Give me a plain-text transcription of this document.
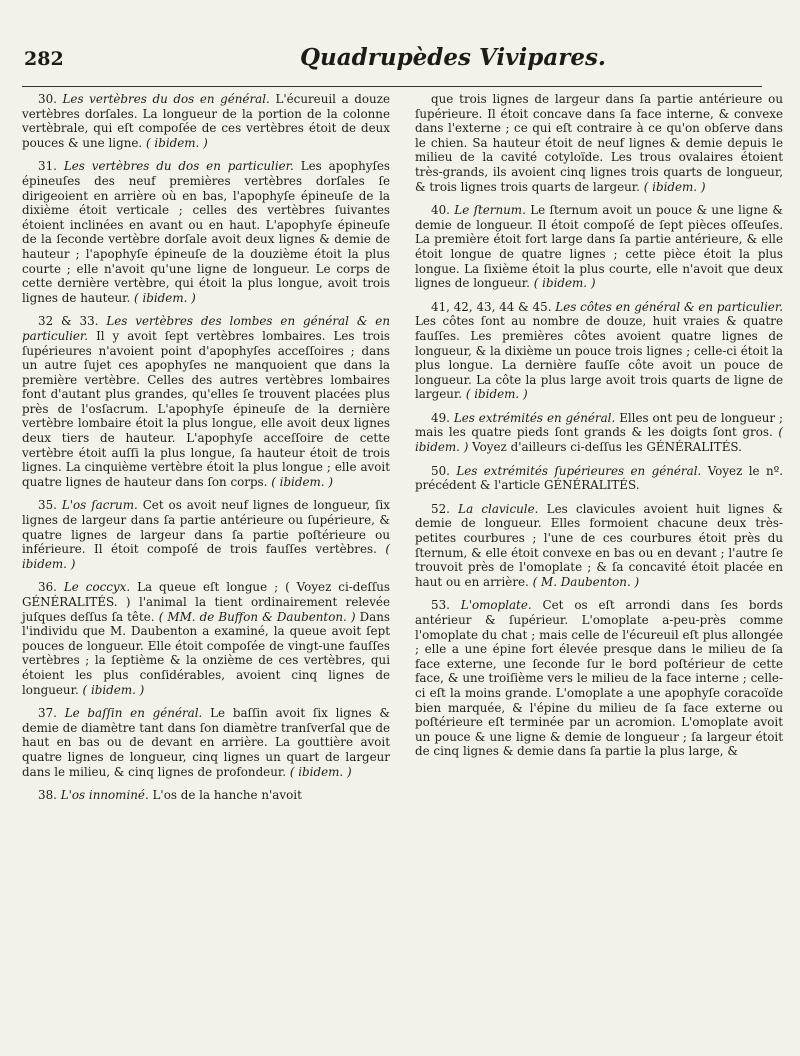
282	Quadrupèdes Vivipares.

30. Les vertèbres du dos en général. L'écureuil a douze vertèbres dorſales. La longueur de la portion de la colonne vertèbrale, qui eſt compoſée de ces vertèbres étoit de deux pouces & une ligne. ( ibidem. )

31. Les vertèbres du dos en particulier. Les apophyſes épineuſes des neuf premières vertèbres dorſales ſe dirigeoient en arrière où en bas, l'apophyſe épineuſe de la dixième étoit verticale ; celles des vertèbres ſuivantes étoient inclinées en avant ou en haut. L'apophyſe épineuſe de la ſeconde vertèbre dorſale avoit deux lignes & demie de hauteur ; l'apophyſe épineuſe de la douzième étoit la plus courte ; elle n'avoit qu'une ligne de longueur. Le corps de cette dernière vertèbre, qui étoit la plus longue, avoit trois lignes de hauteur. ( ibidem. )

32 & 33. Les vertèbres des lombes en général & en particulier. Il y avoit ſept vertèbres lombaires. Les trois ſupérieures n'avoient point d'apophyſes acceſſoires ; dans un autre ſujet ces apophyſes ne manquoient que dans la première vertèbre. Celles des autres vertèbres lombaires font d'autant plus grandes, qu'elles ſe trouvent placées plus près de l'osſacrum. L'apophyſe épineuſe de la dernière vertèbre lombaire étoit la plus longue, elle avoit deux lignes deux tiers de hauteur. L'apophyſe acceſſoire de cette vertèbre étoit auſſi la plus longue, ſa hauteur étoit de trois lignes. La cinquième vertèbre étoit la plus longue ; elle avoit quatre lignes de hauteur dans ſon corps. ( ibidem. )

35. L'os ſacrum. Cet os avoit neuf lignes de longueur, ſix lignes de largeur dans ſa partie antérieure ou ſupérieure, & quatre lignes de largeur dans ſa partie poſtérieure ou inférieure. Il étoit compoſé de trois fauſſes vertèbres. ( ibidem. )

36. Le coccyx. La queue eſt longue ; ( Voyez ci-deſſus GÉNÉRALITÉS. ) l'animal la tient ordinairement relevée juſques deſſus ſa tête. ( MM. de Buffon & Daubenton. ) Dans l'individu que M. Daubenton a examiné, la queue avoit ſept pouces de longueur. Elle étoit compoſée de vingt-une fauſſes vertèbres ; la ſeptième & la onzième de ces vertèbres, qui étoient les plus conſidérables, avoient cinq lignes de longueur. ( ibidem. )

37. Le baſſin en général. Le baſſin avoit ſix lignes & demie de diamètre tant dans ſon diamètre tranſverſal que de haut en bas ou de devant en arrière. La gouttière avoit quatre lignes de longueur, cinq lignes un quart de largeur dans le milieu, & cinq lignes de profondeur. ( ibidem. )

38. L'os innominé. L'os de la hanche n'avoit

que trois lignes de largeur dans ſa partie antérieure ou ſupérieure. Il étoit concave dans ſa face interne, & convexe dans l'externe ; ce qui eſt contraire à ce qu'on obſerve dans le chien. Sa hauteur étoit de neuf lignes & demie depuis le milieu de la cavité cotyloïde. Les trous ovalaires étoient très-grands, ils avoient cinq lignes trois quarts de longueur, & trois lignes trois quarts de largeur. ( ibidem. )

40. Le ſternum. Le ſternum avoit un pouce & une ligne & demie de longueur. Il étoit compoſé de ſept pièces oſſeuſes. La première étoit fort large dans ſa partie antérieure, & elle étoit longue de quatre lignes ; cette pièce étoit la plus longue. La ſixième étoit la plus courte, elle n'avoit que deux lignes de longueur. ( ibidem. )

41, 42, 43, 44 & 45. Les côtes en général & en particulier. Les côtes ſont au nombre de douze, huit vraies & quatre fauſſes. Les premières côtes avoient quatre lignes de longueur, & la dixième un pouce trois lignes ; celle-ci étoit la plus longue. La dernière fauſſe côte avoit un pouce de longueur. La côte la plus large avoit trois quarts de ligne de largeur. ( ibidem. )

49. Les extrémités en général. Elles ont peu de longueur ; mais les quatre pieds ſont grands & les doigts ſont gros. ( ibidem. ) Voyez d'ailleurs ci-deſſus les GÉNÉRALITÉS.

50. Les extrémités ſupérieures en général. Voyez le nº. précédent & l'article GÉNÉRALITÉS.

52. La clavicule. Les clavicules avoient huit lignes & demie de longueur. Elles formoient chacune deux très-petites courbures ; l'une de ces courbures étoit près du ſternum, & elle étoit convexe en bas ou en devant ; l'autre ſe trouvoit près de l'omoplate ; & ſa concavité étoit placée en haut ou en arrière. ( M. Daubenton. )

53. L'omoplate. Cet os eſt arrondi dans ſes bords antérieur & ſupérieur. L'omoplate a-peu-près comme l'omoplate du chat ; mais celle de l'écureuil eſt plus allongée ; elle a une épine fort élevée presque dans le milieu de ſa face externe, une ſeconde ſur le bord poſtérieur de cette face, & une troiſième vers le milieu de la face interne ; celle-ci eſt la moins grande. L'omoplate a une apophyſe coracoïde bien marquée, & l'épine du milieu de ſa face externe ou poſtérieure eſt terminée par un acromion. L'omoplate avoit un pouce & une ligne & demie de longueur ; ſa largeur étoit de cinq lignes & demie dans ſa partie la plus large, &
